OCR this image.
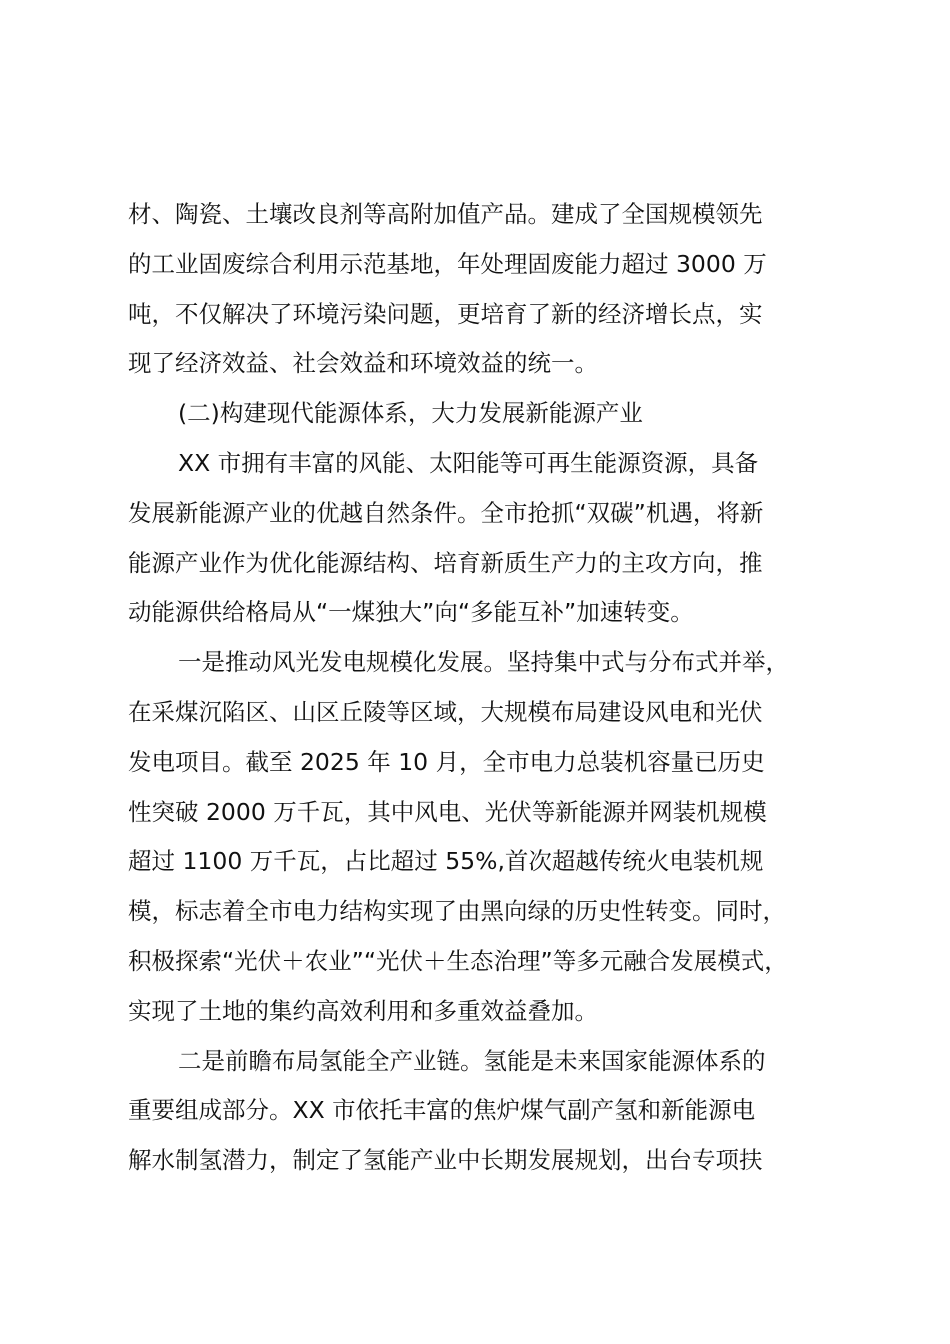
材、陶瓷、土壤改良剂等高附加值产品。建成了全国规模领先
的工业固废综合利用示范基地，年处理固废能力超过 3000 万
吨，不仅解决了环境污染问题，更培育了新的经济增长点，实
现了经济效益、社会效益和环境效益的统一。
(二)构建现代能源体系，大力发展新能源产业
XX 市拥有丰富的风能、太阳能等可再生能源资源，具备
发展新能源产业的优越自然条件。全市抢抓“双碳”机遇，将新
能源产业作为优化能源结构、培育新质生产力的主攻方向，推
动能源供给格局从“一煤独大”向“多能互补”加速转变。
一是推动风光发电规模化发展。坚持集中式与分布式并举，
在采煤沉陷区、山区丘陵等区域，大规模布局建设风电和光伏
发电项目。截至 2025 年 10 月，全市电力总装机容量已历史
性突破 2000 万千瓦，其中风电、光伏等新能源并网装机规模
超过 1100 万千瓦，占比超过 55%,首次超越传统火电装机规
模，标志着全市电力结构实现了由黑向绿的历史性转变。同时，
积极探索“光伏＋农业”“光伏＋生态治理”等多元融合发展模式，
实现了土地的集约高效利用和多重效益叠加。
二是前瞻布局氢能全产业链。氢能是未来国家能源体系的
重要组成部分。XX 市依托丰富的焦炉煤气副产氢和新能源电
解水制氢潜力，制定了氢能产业中长期发展规划，出台专项扶
